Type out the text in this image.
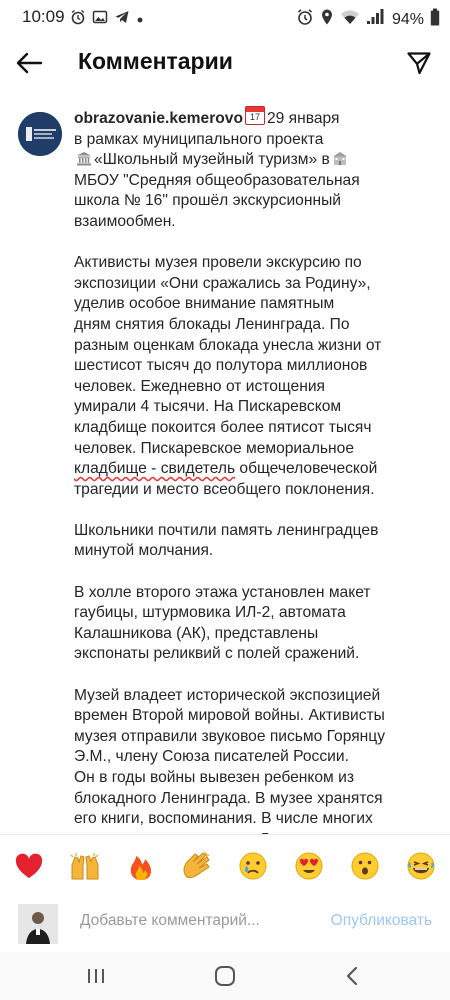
10:09	94%
Комментарии

obrazovanie.kemerovo 17 29 января
в рамках муниципального проекта
«Школьный музейный туризм» в
МБОУ "Средняя общеобразовательная
школа № 16" прошёл экскурсионный
взаимообмен.

Активисты музея провели экскурсию по
экспозиции «Они сражались за Родину»,
уделив особое внимание памятным
дням снятия блокады Ленинграда. По
разным оценкам блокада унесла жизни от
шестисот тысяч до полутора миллионов
человек. Ежедневно от истощения
умирали 4 тысячи. На Пискаревском
кладбище покоится более пятисот тысяч
человек. Пискаревское мемориальное
кладбище - свидетель общечеловеческой
трагедии и место всеобщего поклонения.

Школьники почтили память ленинградцев
минутой молчания.

В холле второго этажа установлен макет
гаубицы, штурмовика ИЛ-2, автомата
Калашникова (АК), представлены
экспонаты реликвий с полей сражений.

Музей владеет исторической экспозицией
времен Второй мировой войны. Активисты
музея отправили звуковое письмо Горянцу
Э.М., члену Союза писателей России.
Он в годы войны вывезен ребенком из
блокадного Ленинграда. В музее хранятся
его книги, воспоминания. В числе многих

Добавьте комментарий...
Опубликовать
